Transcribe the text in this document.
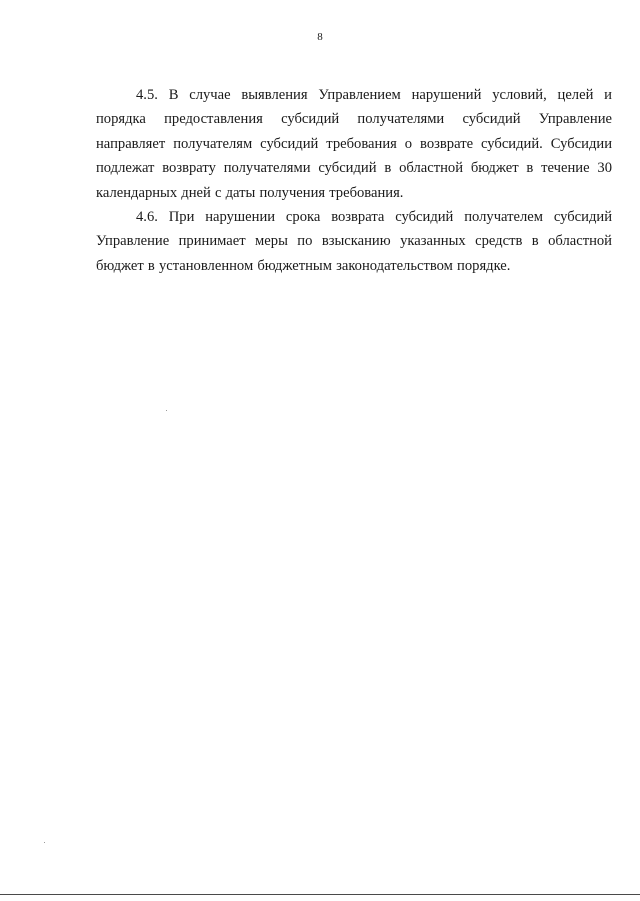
8

4.5. В случае выявления Управлением нарушений условий, целей и порядка предоставления субсидий получателями субсидий Управление направляет получателям субсидий требования о возврате субсидий. Субсидии подлежат возврату получателями субсидий в областной бюджет в течение 30 календарных дней с даты получения требования.

4.6. При нарушении срока возврата субсидий получателем субсидий Управление принимает меры по взысканию указанных средств в областной бюджет в установленном бюджетным законодательством порядке.
